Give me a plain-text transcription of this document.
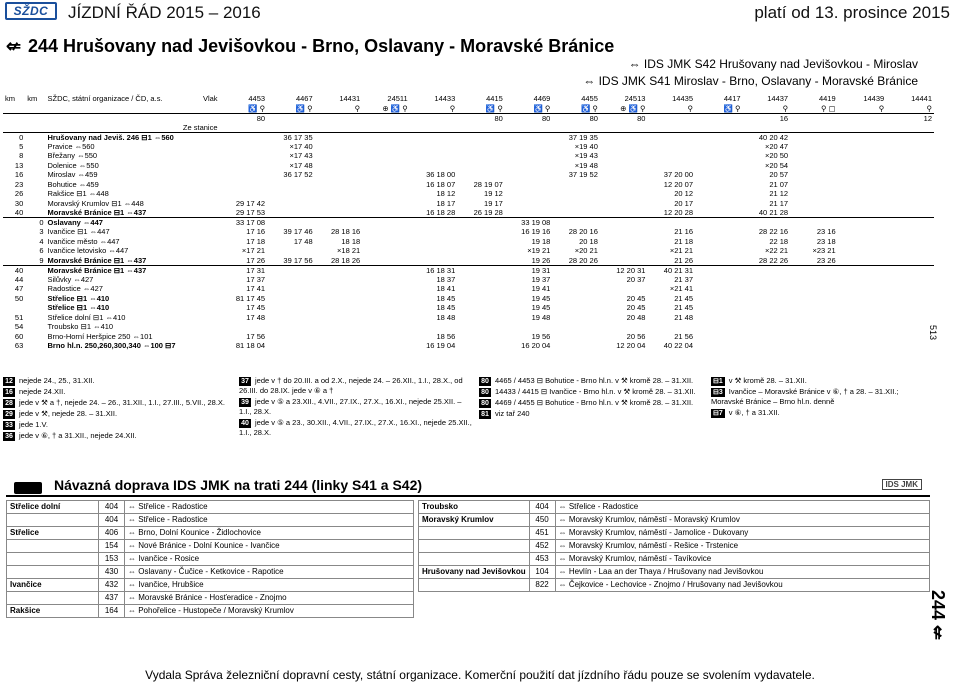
SŽDC	JÍZDNÍ ŘÁD 2015 – 2016	platí od 13. prosince 2015
⇍ 244 Hrušovany nad Jevišovkou - Brno, Oslavany - Moravské Bránice
⇔ IDS JMK S42 Hrušovany nad Jevišovkou - Miroslav
⇔ IDS JMK S41 Miroslav - Brno, Oslavany - Moravské Bránice
km	km	SŽDC, státní organizace / ČD, a.s. Vlak	4453	4467	14431	24511	14433	4415	4469	4455	24513	14435	4417	14437	4419	14439	14441
			♿ ⚲	♿ ⚲	⚲	⊕ ♿ ⚲	⚲	♿ ⚲	♿ ⚲	♿ ⚲	⊕ ♿ ⚲	⚲	♿ ⚲	⚲	⚲ ▢	⚲	⚲
			80					80	80	80	80			16			12
		Ze stanice															
0		Hrušovany nad Jeviš. 246 ⊟1 ⇔560		36 17 35						37 19 35				40 20 42			
5		Pravice ⇔560		×17 40						×19 40				×20 47			
8		Břežany ⇔550		×17 43						×19 43				×20 50			
13		Dolenice ⇔550		×17 48						×19 48				×20 54			
16		Miroslav ⇔459		36 17 52			36 18 00			37 19 52		37 20 00		20 57			
23		Bohutice ⇔459					16 18 07	28 19 07				12 20 07		21 07			
26		Rakšice ⊟1 ⇔448					18 12	19 12				20 12		21 12			
30		Moravský Krumlov ⊟1 ⇔448	29 17 42				18 17	19 17				20 17		21 17			
40		Moravské Bránice ⊟1 ⇔437	29 17 53				16 18 28	26 19 28				12 20 28		40 21 28			
	0	Oslavany ⇔447	33 17 08						33 19 08								
	3	Ivančice ⊟1 ⇔447	17 16	39 17 46	28 18 16				16 19 16	28 20 16		21 16		28 22 16	23 16		
	4	Ivančice město ⇔447	17 18	17 48	18 18				19 18	20 18		21 18		22 18	23 18		
	6	Ivančice letovisko ⇔447	×17 21		×18 21				×19 21	×20 21		×21 21		×22 21	×23 21		
	9	Moravské Bránice ⊟1 ⇔437	17 26	39 17 56	28 18 26				19 26	28 20 26		21 26		28 22 26	23 26		
40		Moravské Bránice ⊟1 ⇔437	17 31				16 18 31		19 31		12 20 31	40 21 31					
44		Silůvky ⇔427	17 37				18 37		19 37		20 37	21 37					
47		Radostice ⇔427	17 41				18 41		19 41			×21 41					
50		Střelice ⊟1 ⇔410	81 17 45				18 45		19 45		20 45	21 45					
		Střelice ⊟1 ⇔410	17 45				18 45		19 45		20 45	21 45					
51		Střelice dolní ⊟1 ⇔410	17 48				18 48		19 48		20 48	21 48					
54		Troubsko ⊟1 ⇔410															
60		Brno-Horní Heršpice 250 ⇔101	17 56				18 56		19 56		20 56	21 56					
63		Brno hl.n. 250,260,300,340 ⇔100 ⊟7	81 18 04				16 19 04		16 20 04		12 20 04	40 22 04					
12 nejede 24., 25., 31.XII.
16 nejede 24.XII.
28 jede v ⚒ a †, nejede 24. – 26., 31.XII., 1.I., 27.III., 5.VII., 28.X.
29 jede v ⚒, nejede 28. – 31.XII.
33 jede 1.V.
36 jede v ⑥, † a 31.XII., nejede 24.XII.
37 jede v † do 20.III. a od 2.X., nejede 24. – 26.XII., 1.I., 28.X., od 26.III. do 28.IX. jede v ⑥ a †
39 jede v ⑤ a 23.XII., 4.VII., 27.IX., 27.X., 16.XI., nejede 25.XII. – 1.I., 28.X.
40 jede v ⑤ a 23., 30.XII., 4.VII., 27.IX., 27.X., 16.XI., nejede 25.XII., 1.I., 28.X.
80 4465 / 4453 ⊟ Bohutice - Brno hl.n. v ⚒ kromě 28. – 31.XII.
80 14433 / 4415 ⊟ Ivančice - Brno hl.n. v ⚒ kromě 28. – 31.XII.
80 4469 / 4455 ⊟ Bohutice - Brno hl.n. v ⚒ kromě 28. – 31.XII.
81 viz tař 240
⊟1 v ⚒ kromě 28. – 31.XII.
⊟3 Ivančice – Moravské Bránice v ⑥, † a 28. – 31.XII.; Moravské Bránice – Brno hl.n. denně
⊟7 v ⑥, † a 31.XII.
Návazná doprava IDS JMK na trati 244 (linky S41 a S42)	IDS JMK
Střelice dolní	404	⇔ Střelice - Radostice
	404	⇔ Střelice - Radostice
Střelice	406	⇔ Brno, Dolní Kounice - Židlochovice
	154	⇔ Nové Bránice - Dolní Kounice - Ivančice
	153	⇔ Ivančice - Rosice
	430	⇔ Oslavany - Čučice - Ketkovice - Rapotice
Ivančice	432	⇔ Ivančice, Hrubšice
	437	⇔ Moravské Bránice - Hosťeradice - Znojmo
Rakšice	164	⇔ Pohořelice - Hustopeče / Moravský Krumlov
Troubsko	404	⇔ Střelice - Radostice
Moravský Krumlov	450	⇔ Moravský Krumlov, náměstí - Moravský Krumlov
	451	⇔ Moravský Krumlov, náměstí - Jamolice - Dukovany
	452	⇔ Moravský Krumlov, náměstí - Rešice - Trstenice
	453	⇔ Moravský Krumlov, náměstí - Tavíkovice
Hrušovany nad Jevišovkou	104	⇔ Hevlín - Laa an der Thaya / Hrušovany nad Jevišovkou
	822	⇔ Čejkovice - Lechovice - Znojmo / Hrušovany nad Jevišovkou
513
244 ⇍
Vydala Správa železniční dopravní cesty, státní organizace. Komerční použití dat jízdního řádu pouze se svolením vydavatele.
